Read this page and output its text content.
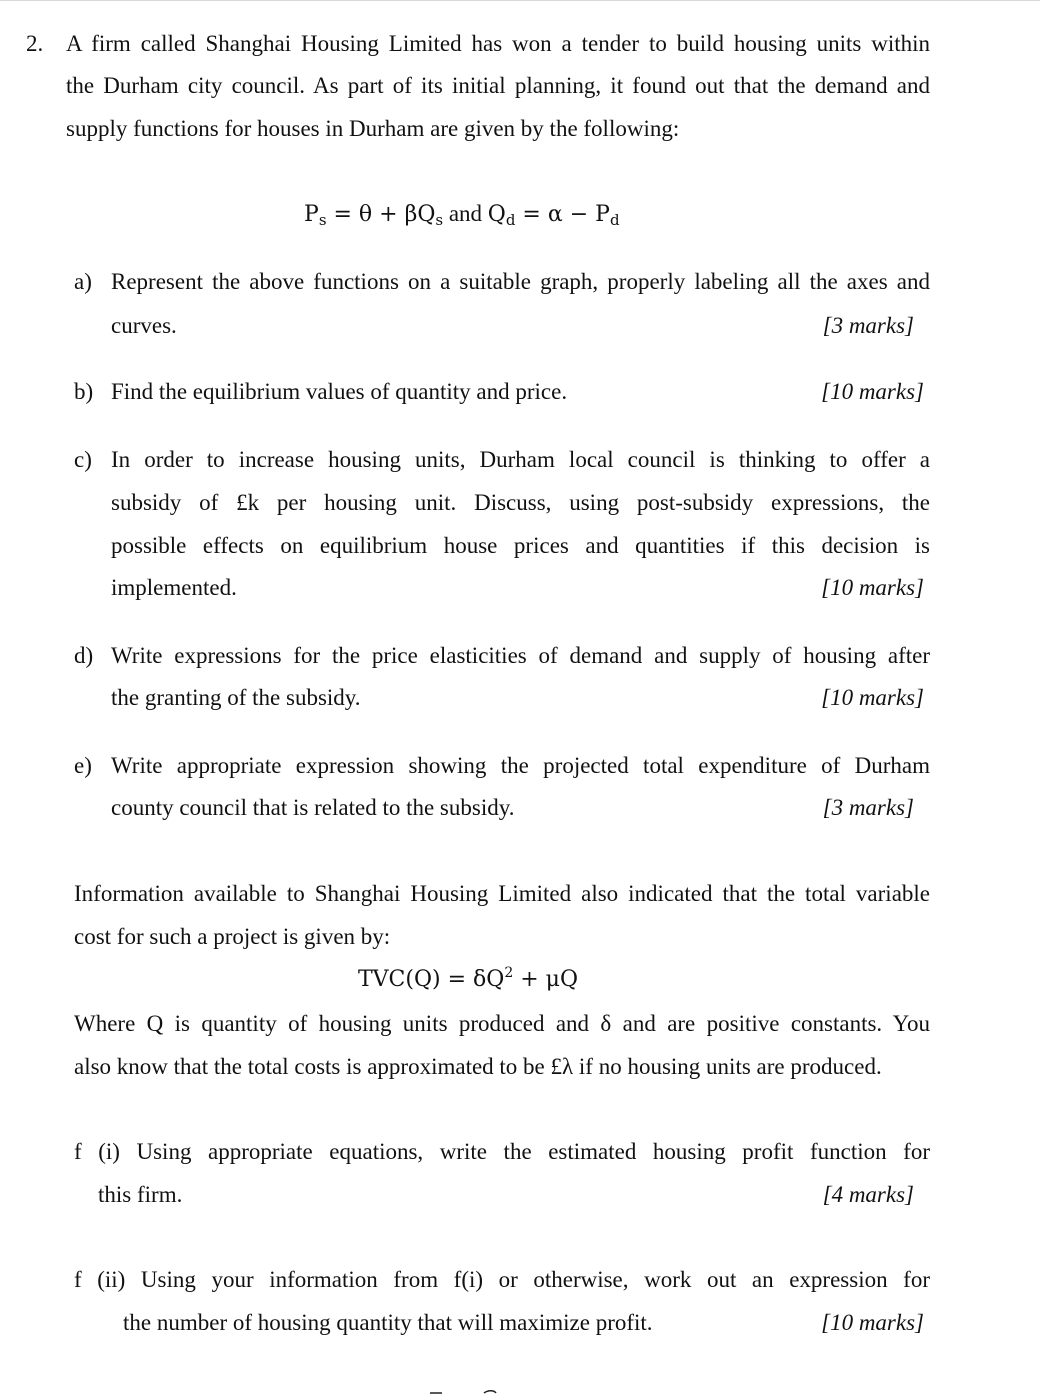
2. A firm called Shanghai Housing Limited has won a tender to build housing units within
the Durham city council. As part of its initial planning, it found out that the demand and
supply functions for houses in Durham are given by the following:
$P_s = \theta + \beta Q_s$ and $Q_d = \alpha - P_d$
a) Represent the above functions on a suitable graph, properly labeling all the axes and
curves.	[3 marks]
b) Find the equilibrium values of quantity and price.	[10 marks]
c) In order to increase housing units, Durham local council is thinking to offer a
subsidy of £k per housing unit. Discuss, using post-subsidy expressions, the
possible effects on equilibrium house prices and quantities if this decision is
implemented.	[10 marks]
d) Write expressions for the price elasticities of demand and supply of housing after
the granting of the subsidy.	[10 marks]
e) Write appropriate expression showing the projected total expenditure of Durham
county council that is related to the subsidy.	[3 marks]
Information available to Shanghai Housing Limited also indicated that the total variable
cost for such a project is given by:
$TVC(Q) = \delta Q^2 + \mu Q$
Where Q is quantity of housing units produced and δ and are positive constants. You
also know that the total costs is approximated to be £λ if no housing units are produced.
f (i) Using appropriate equations, write the estimated housing profit function for
this firm.	[4 marks]
f (ii) Using your information from f(i) or otherwise, work out an expression for
the number of housing quantity that will maximize profit.	[10 marks]
